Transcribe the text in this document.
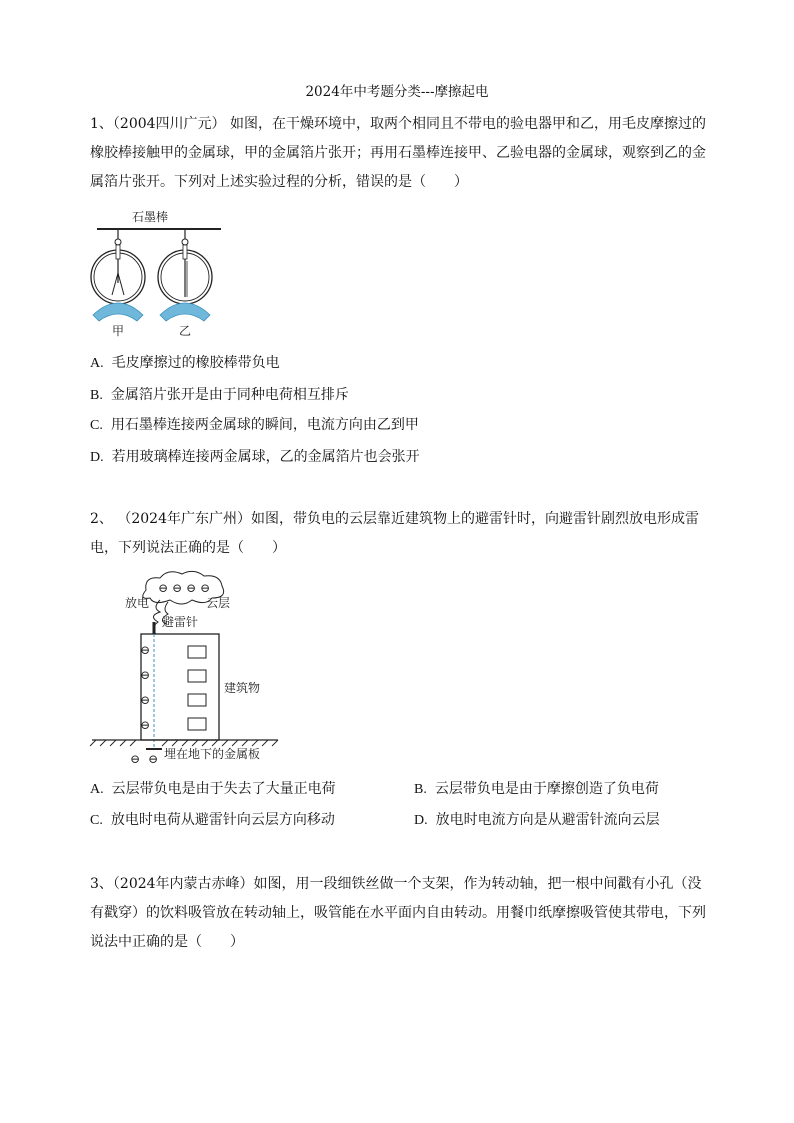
2024年中考题分类---摩擦起电

1、（2004四川广元） 如图，在干燥环境中，取两个相同且不带电的验电器甲和乙，用毛皮摩擦过的橡胶棒接触甲的金属球，甲的金属箔片张开；再用石墨棒连接甲、乙验电器的金属球，观察到乙的金属箔片张开。下列对上述实验过程的分析，错误的是（　　）

石墨棒
甲	乙
A. 毛皮摩擦过的橡胶棒带负电
B. 金属箔片张开是由于同种电荷相互排斥
C. 用石墨棒连接两金属球的瞬间，电流方向由乙到甲
D. 若用玻璃棒连接两金属球，乙的金属箔片也会张开

2、 （2024年广东广州）如图，带负电的云层靠近建筑物上的避雷针时，向避雷针剧烈放电形成雷电，下列说法正确的是（　　）

⊖ ⊖ ⊖ ⊖
放电	云层
避雷针
⊖
⊖
⊖
⊖
建筑物
⊖ ⊖ 埋在地下的金属板
A. 云层带负电是由于失去了大量正电荷	B. 云层带负电是由于摩擦创造了负电荷
C. 放电时电荷从避雷针向云层方向移动	D. 放电时电流方向是从避雷针流向云层

3、（2024年内蒙古赤峰）如图，用一段细铁丝做一个支架，作为转动轴，把一根中间戳有小孔（没有戳穿）的饮料吸管放在转动轴上，吸管能在水平面内自由转动。用餐巾纸摩擦吸管使其带电，下列说法中正确的是（　　）
